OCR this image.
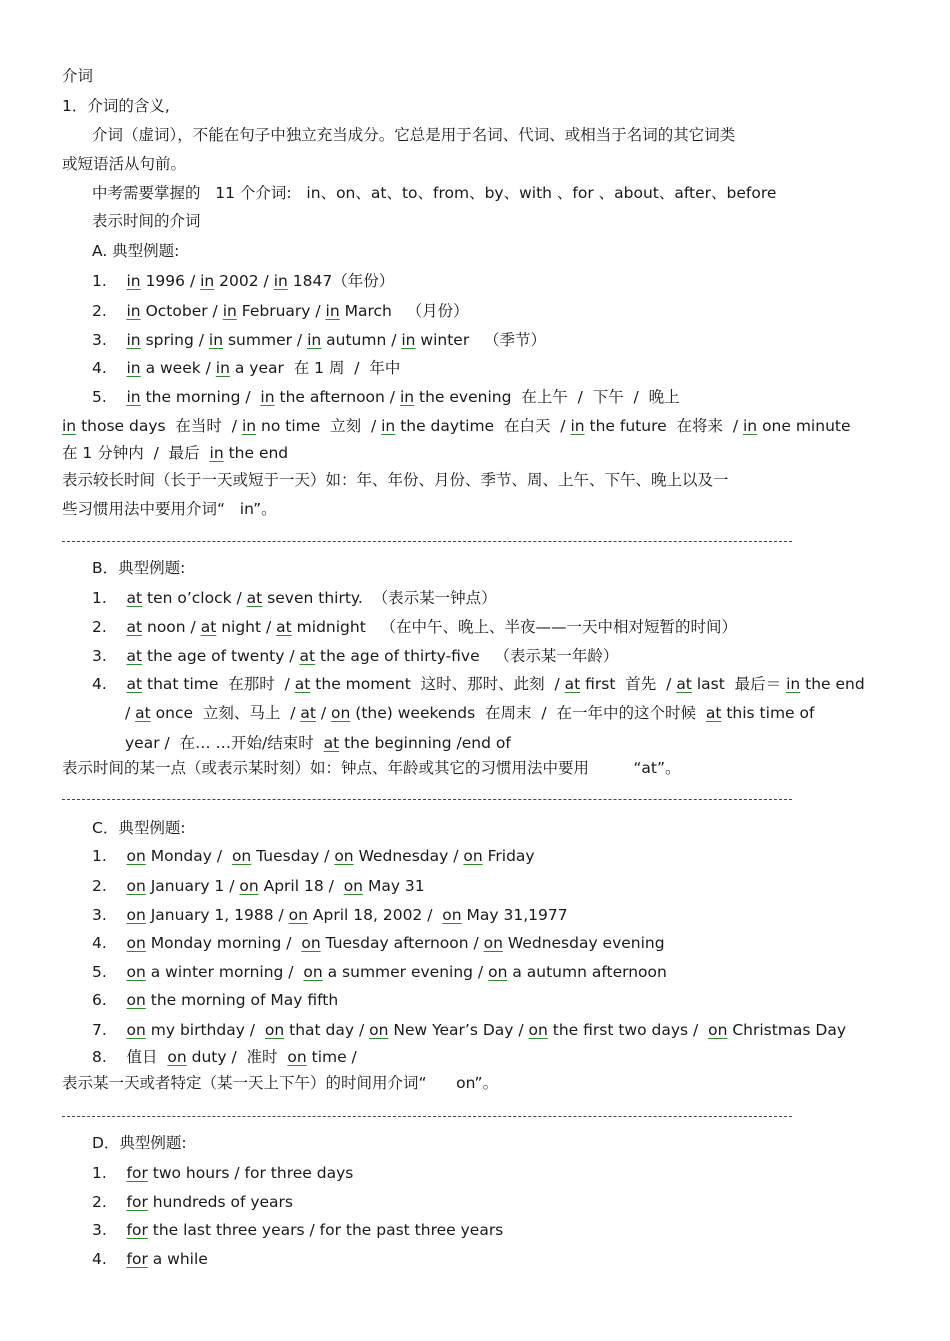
介词
1．介词的含义,
介词（虚词），不能在句子中独立充当成分。它总是用于名词、代词、或相当于名词的其它词类
或短语活从句前。
中考需要掌握的   11 个介词:   in、on、at、to、from、by、with 、for 、about、after、before
表示时间的介词
A. 典型例题:
1.    in 1996 / in 2002 / in 1847（年份）
2.    in October / in February / in March   （月份）
3.    in spring / in summer / in autumn / in winter   （季节）
4.    in a week / in a year  在 1 周  /  年中
5.    in the morning /  in the afternoon / in the evening  在上午  /  下午  /  晚上
in those days  在当时  / in no time  立刻  / in the daytime  在白天  / in the future  在将来  / in one minute
在 1 分钟内  /  最后  in the end
表示较长时间（长于一天或短于一天）如：年、年份、月份、季节、周、上午、下午、晚上以及一
些习惯用法中要用介词“   in”。
B．典型例题:
1.    at ten o’clock / at seven thirty.  （表示某一钟点）
2.    at noon / at night / at midnight   （在中午、晚上、半夜——一天中相对短暂的时间）
3.    at the age of twenty / at the age of thirty-five   （表示某一年龄）
4.    at that time  在那时  / at the moment  这时、那时、此刻  / at first  首先  / at last  最后＝ in the end
/ at once  立刻、马上  / at / on (the) weekends  在周末  /  在一年中的这个时候  at this time of
year /  在… …开始/结束时  at the beginning /end of
表示时间的某一点（或表示某时刻）如：钟点、年龄或其它的习惯用法中要用         “at”。
C．典型例题:
1.    on Monday /  on Tuesday / on Wednesday / on Friday
2.    on January 1 / on April 18 /  on May 31
3.    on January 1, 1988 / on April 18, 2002 /  on May 31,1977
4.    on Monday morning /  on Tuesday afternoon / on Wednesday evening
5.    on a winter morning /  on a summer evening / on a autumn afternoon
6.    on the morning of May fifth
7.    on my birthday /  on that day / on New Year’s Day / on the first two days /  on Christmas Day
8.    值日  on duty /  准时  on time /
表示某一天或者特定（某一天上下午）的时间用介词“      on”。
D．典型例题:
1.    for two hours / for three days
2.    for hundreds of years
3.    for the last three years / for the past three years
4.    for a while
